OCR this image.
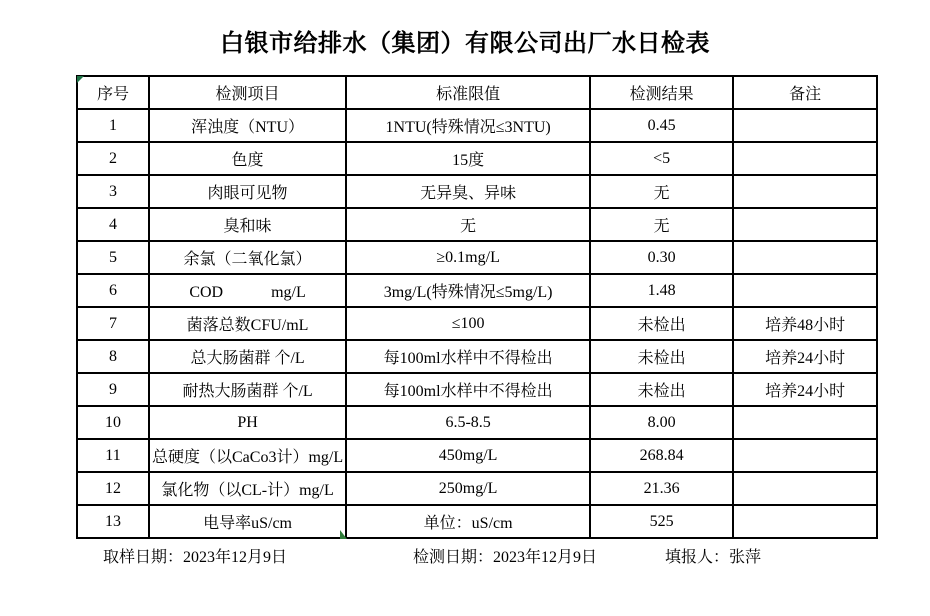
白银市给排水（集团）有限公司出厂水日检表
序号	检测项目	标准限值	检测结果	备注
1	浑浊度（NTU）	1NTU(特殊情况≤3NTU)	0.45	
2	色度	15度	<5	
3	肉眼可见物	无异臭、异味	无	
4	臭和味	无	无	
5	余氯（二氧化氯）	≥0.1mg/L	0.30	
6	COD　　　mg/L	3mg/L(特殊情况≤5mg/L)	1.48	
7	菌落总数CFU/mL	≤100	未检出	培养48小时
8	总大肠菌群 个/L	每100ml水样中不得检出	未检出	培养24小时
9	耐热大肠菌群 个/L	每100ml水样中不得检出	未检出	培养24小时
10	PH	6.5-8.5	8.00	
11	总硬度（以CaCo3计）mg/L	450mg/L	268.84	
12	氯化物（以CL-计）mg/L	250mg/L	21.36	
13	电导率uS/cm	单位：uS/cm	525	
取样日期：2023年12月9日	检测日期：2023年12月9日	填报人：张萍
